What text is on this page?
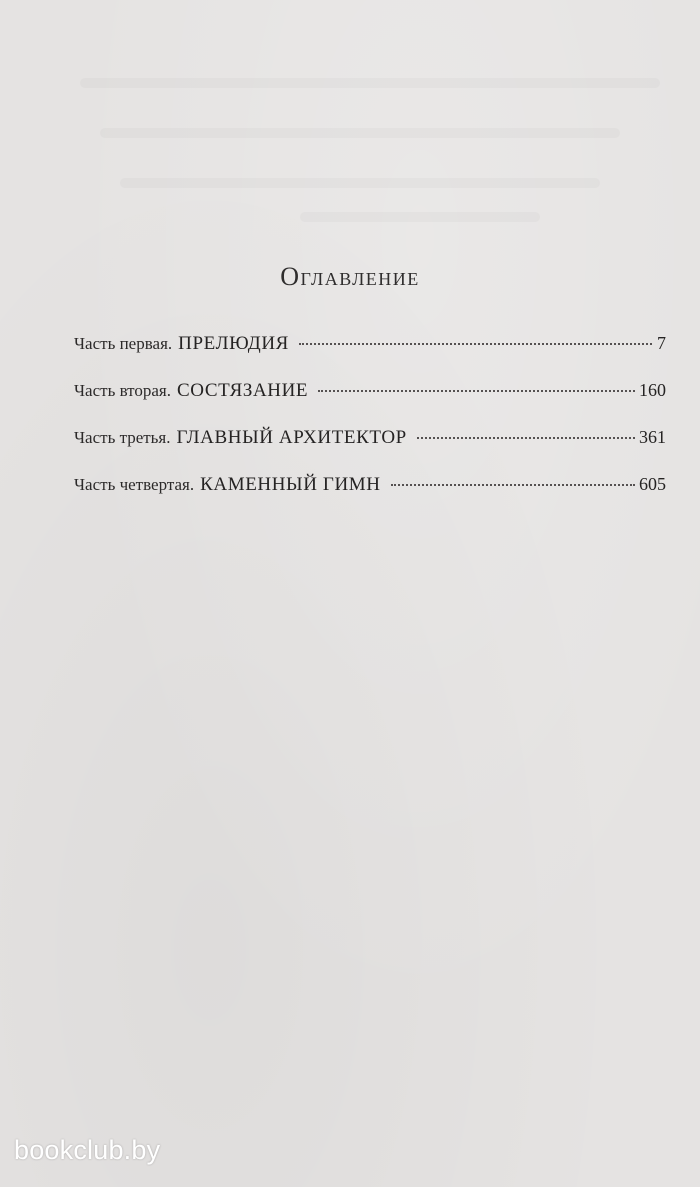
Оглавление
Часть первая. ПРЕЛЮДИЯ	7
Часть вторая. СОСТЯЗАНИЕ	160
Часть третья. ГЛАВНЫЙ АРХИТЕКТОР	361
Часть четвертая. КАМЕННЫЙ ГИМН	605
bookclub.by
